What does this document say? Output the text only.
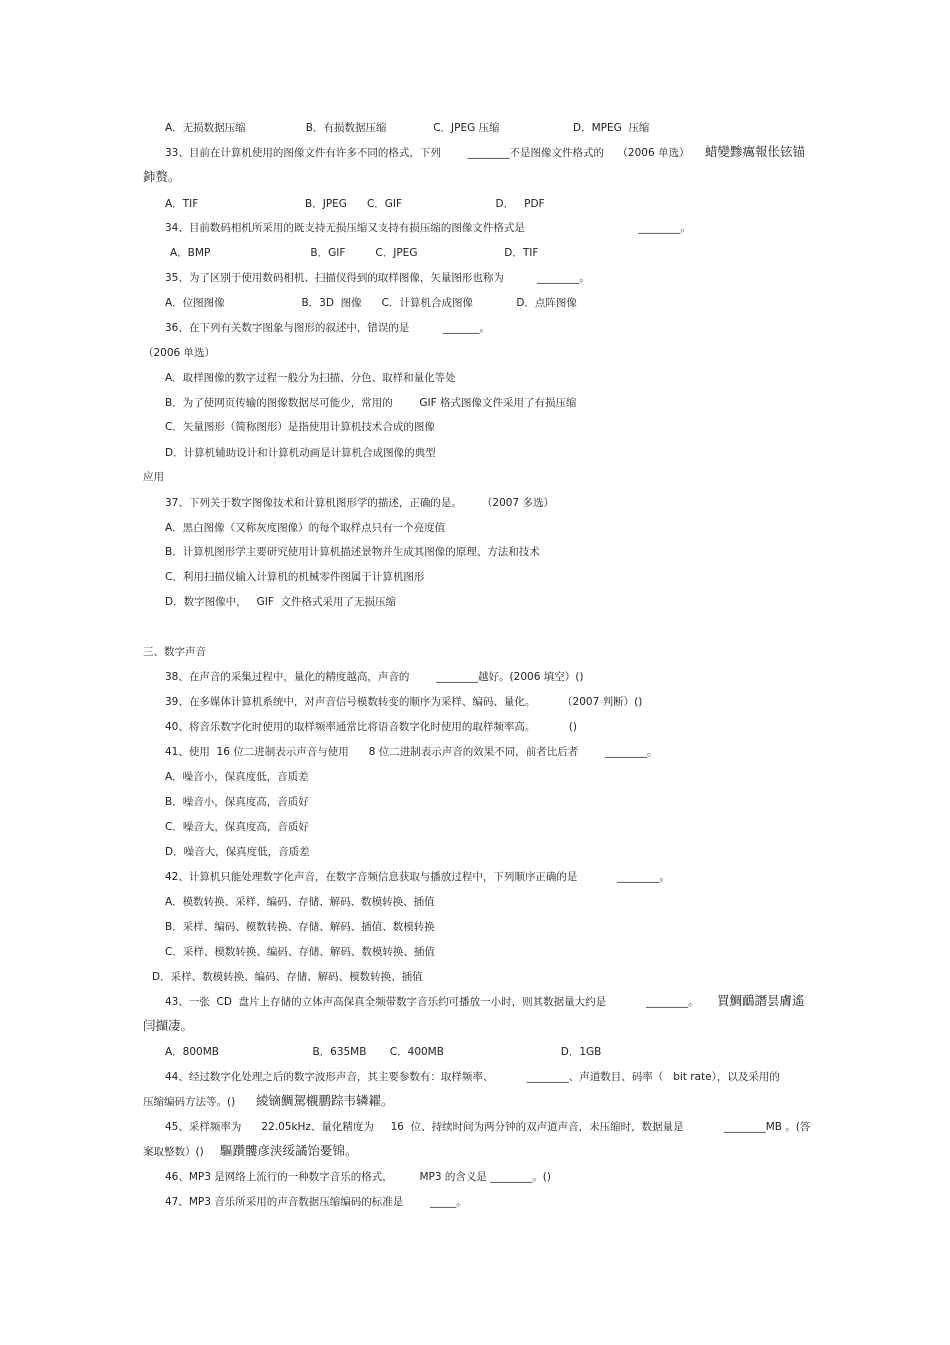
A．无损数据压缩                  B．有损数据压缩              C．JPEG 压缩                      D．MPEG  压缩
33、目前在计算机使用的图像文件有许多不同的格式，下列        ________不是图像文件格式的    （2006 单选） 蜡變黪癘報伥铉锚
鈰赘。
A．TIF                                B．JPEG      C．GIF                            D．   PDF
34、目前数码相机所采用的既支持无损压缩又支持有损压缩的图像文件格式是                                  ________。
A．BMP                              B．GIF         C．JPEG                          D．TIF
35、为了区别于使用数码相机、扫描仪得到的取样图像，矢量图形也称为          ________。
A．位图图像                       B．3D  图像      C．计算机合成图像             D．点阵图像
36、在下列有关数字图象与图形的叙述中，错误的是          _______。
（2006 单选）
A．取样图像的数字过程一般分为扫描、分色、取样和量化等处
B．为了使网页传输的图像数据尽可能少，常用的        GIF 格式图像文件采用了有损压缩
C．矢量图形（简称图形）是指使用计算机技术合成的图像
D．计算机辅助设计和计算机动画是计算机合成图像的典型
应用
37、下列关于数字图像技术和计算机图形学的描述，正确的是。      （2007 多选）
A．黑白图像（又称灰度图像）的每个取样点只有一个亮度值
B．计算机图形学主要研究使用计算机描述景物并生成其图像的原理、方法和技术
C．利用扫描仪输入计算机的机械零件图属于计算机图形
D．数字图像中，   GIF  文件格式采用了无损压缩
三、数字声音
38、在声音的采集过程中，量化的精度越高，声音的        ________越好。(2006 填空）()
39、在多媒体计算机系统中，对声音信号模数转变的顺序为采样、编码、量化。        （2007 判断）()
40、将音乐数字化时使用的取样频率通常比将语音数字化时使用的取样频率高。          ()
41、使用  16 位二进制表示声音与使用      8 位二进制表示声音的效果不同，前者比后者        ________。
A．噪音小，保真度低，音质差
B．噪音小，保真度高，音质好
C．噪音大，保真度高，音质好
D．噪音大，保真度低，音质差
42、计算机只能处理数字化声音，在数字音频信息获取与播放过程中，下列顺序正确的是            ________。
A．模数转换、采样、编码、存储、解码、数模转换、插值
B．采样、编码、模数转换、存储、解码、插值、数模转换
C．采样、模数转换、编码、存储、解码、数模转换、插值
D．采样、数模转换、编码、存储、解码、模数转换、插值
43、一张  CD  盘片上存储的立体声高保真全频带数字音乐约可播放一小时，则其数据量大约是            ________。 買鯛鴯譖昙膚遙
闫擷凄。
A．800MB                            B．635MB       C．400MB                                   D．1GB
44、经过数字化处理之后的数字波形声音，其主要参数有：取样频率、          ________、声道数目、码率（   bit rate），以及采用的
压缩编码方法等。() 綾镝鯛駕櫬鹏踪韦辚糴。
45、采样频率为      22.05kHz、量化精度为     16  位、持续时间为两分钟的双声道声音，未压缩时，数据量是            ________MB 。(答
案取整数）() 驅躦髏彦浃绥譎饴憂锦。
46、MP3 是网络上流行的一种数字音乐的格式，        MP3 的含义是 ________。()
47、MP3 音乐所采用的声音数据压缩编码的标准是        _____。
